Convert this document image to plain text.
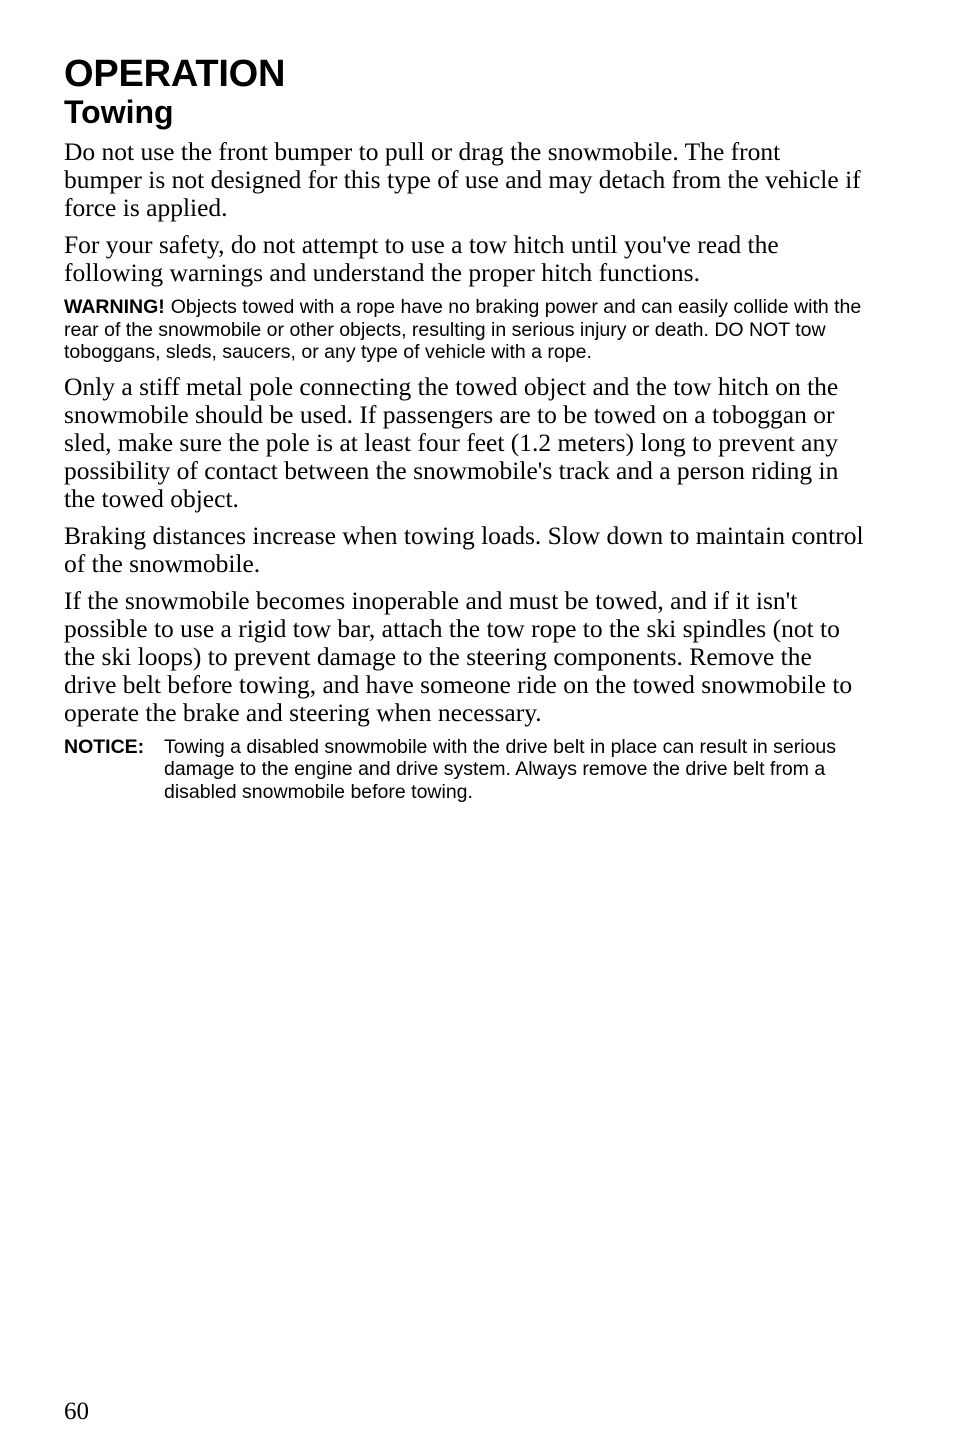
OPERATION
Towing

Do not use the front bumper to pull or drag the snowmobile. The front bumper is not designed for this type of use and may detach from the vehicle if force is applied.

For your safety, do not attempt to use a tow hitch until you've read the following warnings and understand the proper hitch functions.

WARNING! Objects towed with a rope have no braking power and can easily collide with the rear of the snowmobile or other objects, resulting in serious injury or death. DO NOT tow toboggans, sleds, saucers, or any type of vehicle with a rope.

Only a stiff metal pole connecting the towed object and the tow hitch on the snowmobile should be used. If passengers are to be towed on a toboggan or sled, make sure the pole is at least four feet (1.2 meters) long to prevent any possibility of contact between the snowmobile's track and a person riding in the towed object.

Braking distances increase when towing loads. Slow down to maintain control of the snowmobile.

If the snowmobile becomes inoperable and must be towed, and if it isn't possible to use a rigid tow bar, attach the tow rope to the ski spindles (not to the ski loops) to prevent damage to the steering components. Remove the drive belt before towing, and have someone ride on the towed snowmobile to operate the brake and steering when necessary.

NOTICE:	Towing a disabled snowmobile with the drive belt in place can result in serious damage to the engine and drive system. Always remove the drive belt from a disabled snowmobile before towing.
60
